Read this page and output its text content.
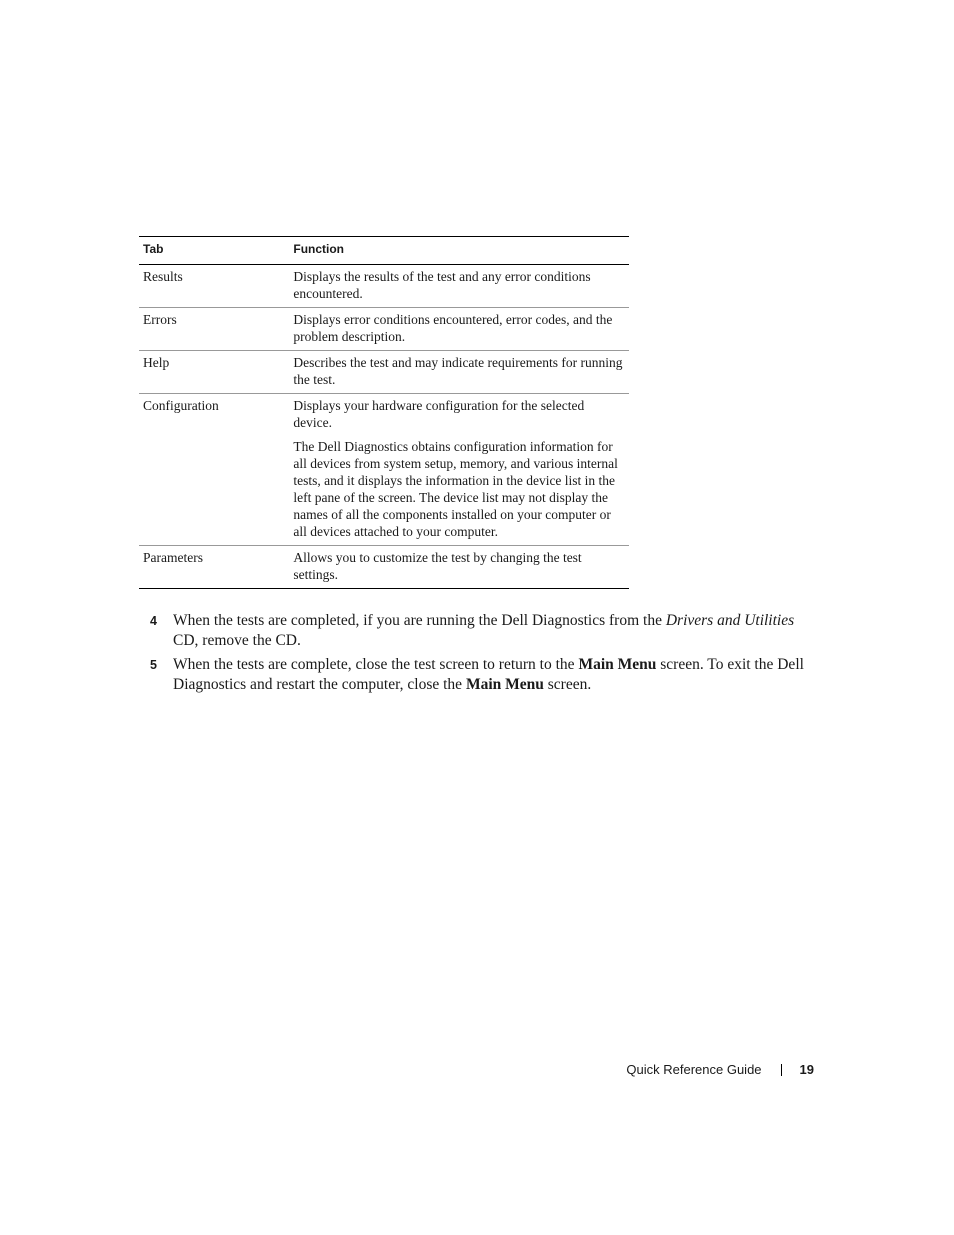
Tab	Function
Results	Displays the results of the test and any error conditions encountered.

Errors	Displays error conditions encountered, error codes, and the problem description.

Help	Describes the test and may indicate requirements for running the test.

Configuration	Displays your hardware configuration for the selected device.

The Dell Diagnostics obtains configuration information for all devices from system setup, memory, and various internal tests, and it displays the information in the device list in the left pane of the screen. The device list may not display the names of all the components installed on your computer or all devices attached to your computer.

Parameters	Allows you to customize the test by changing the test settings.

4 When the tests are completed, if you are running the Dell Diagnostics from the Drivers and Utilities CD, remove the CD.
5 When the tests are complete, close the test screen to return to the Main Menu screen. To exit the Dell Diagnostics and restart the computer, close the Main Menu screen.
Quick Reference Guide	19
